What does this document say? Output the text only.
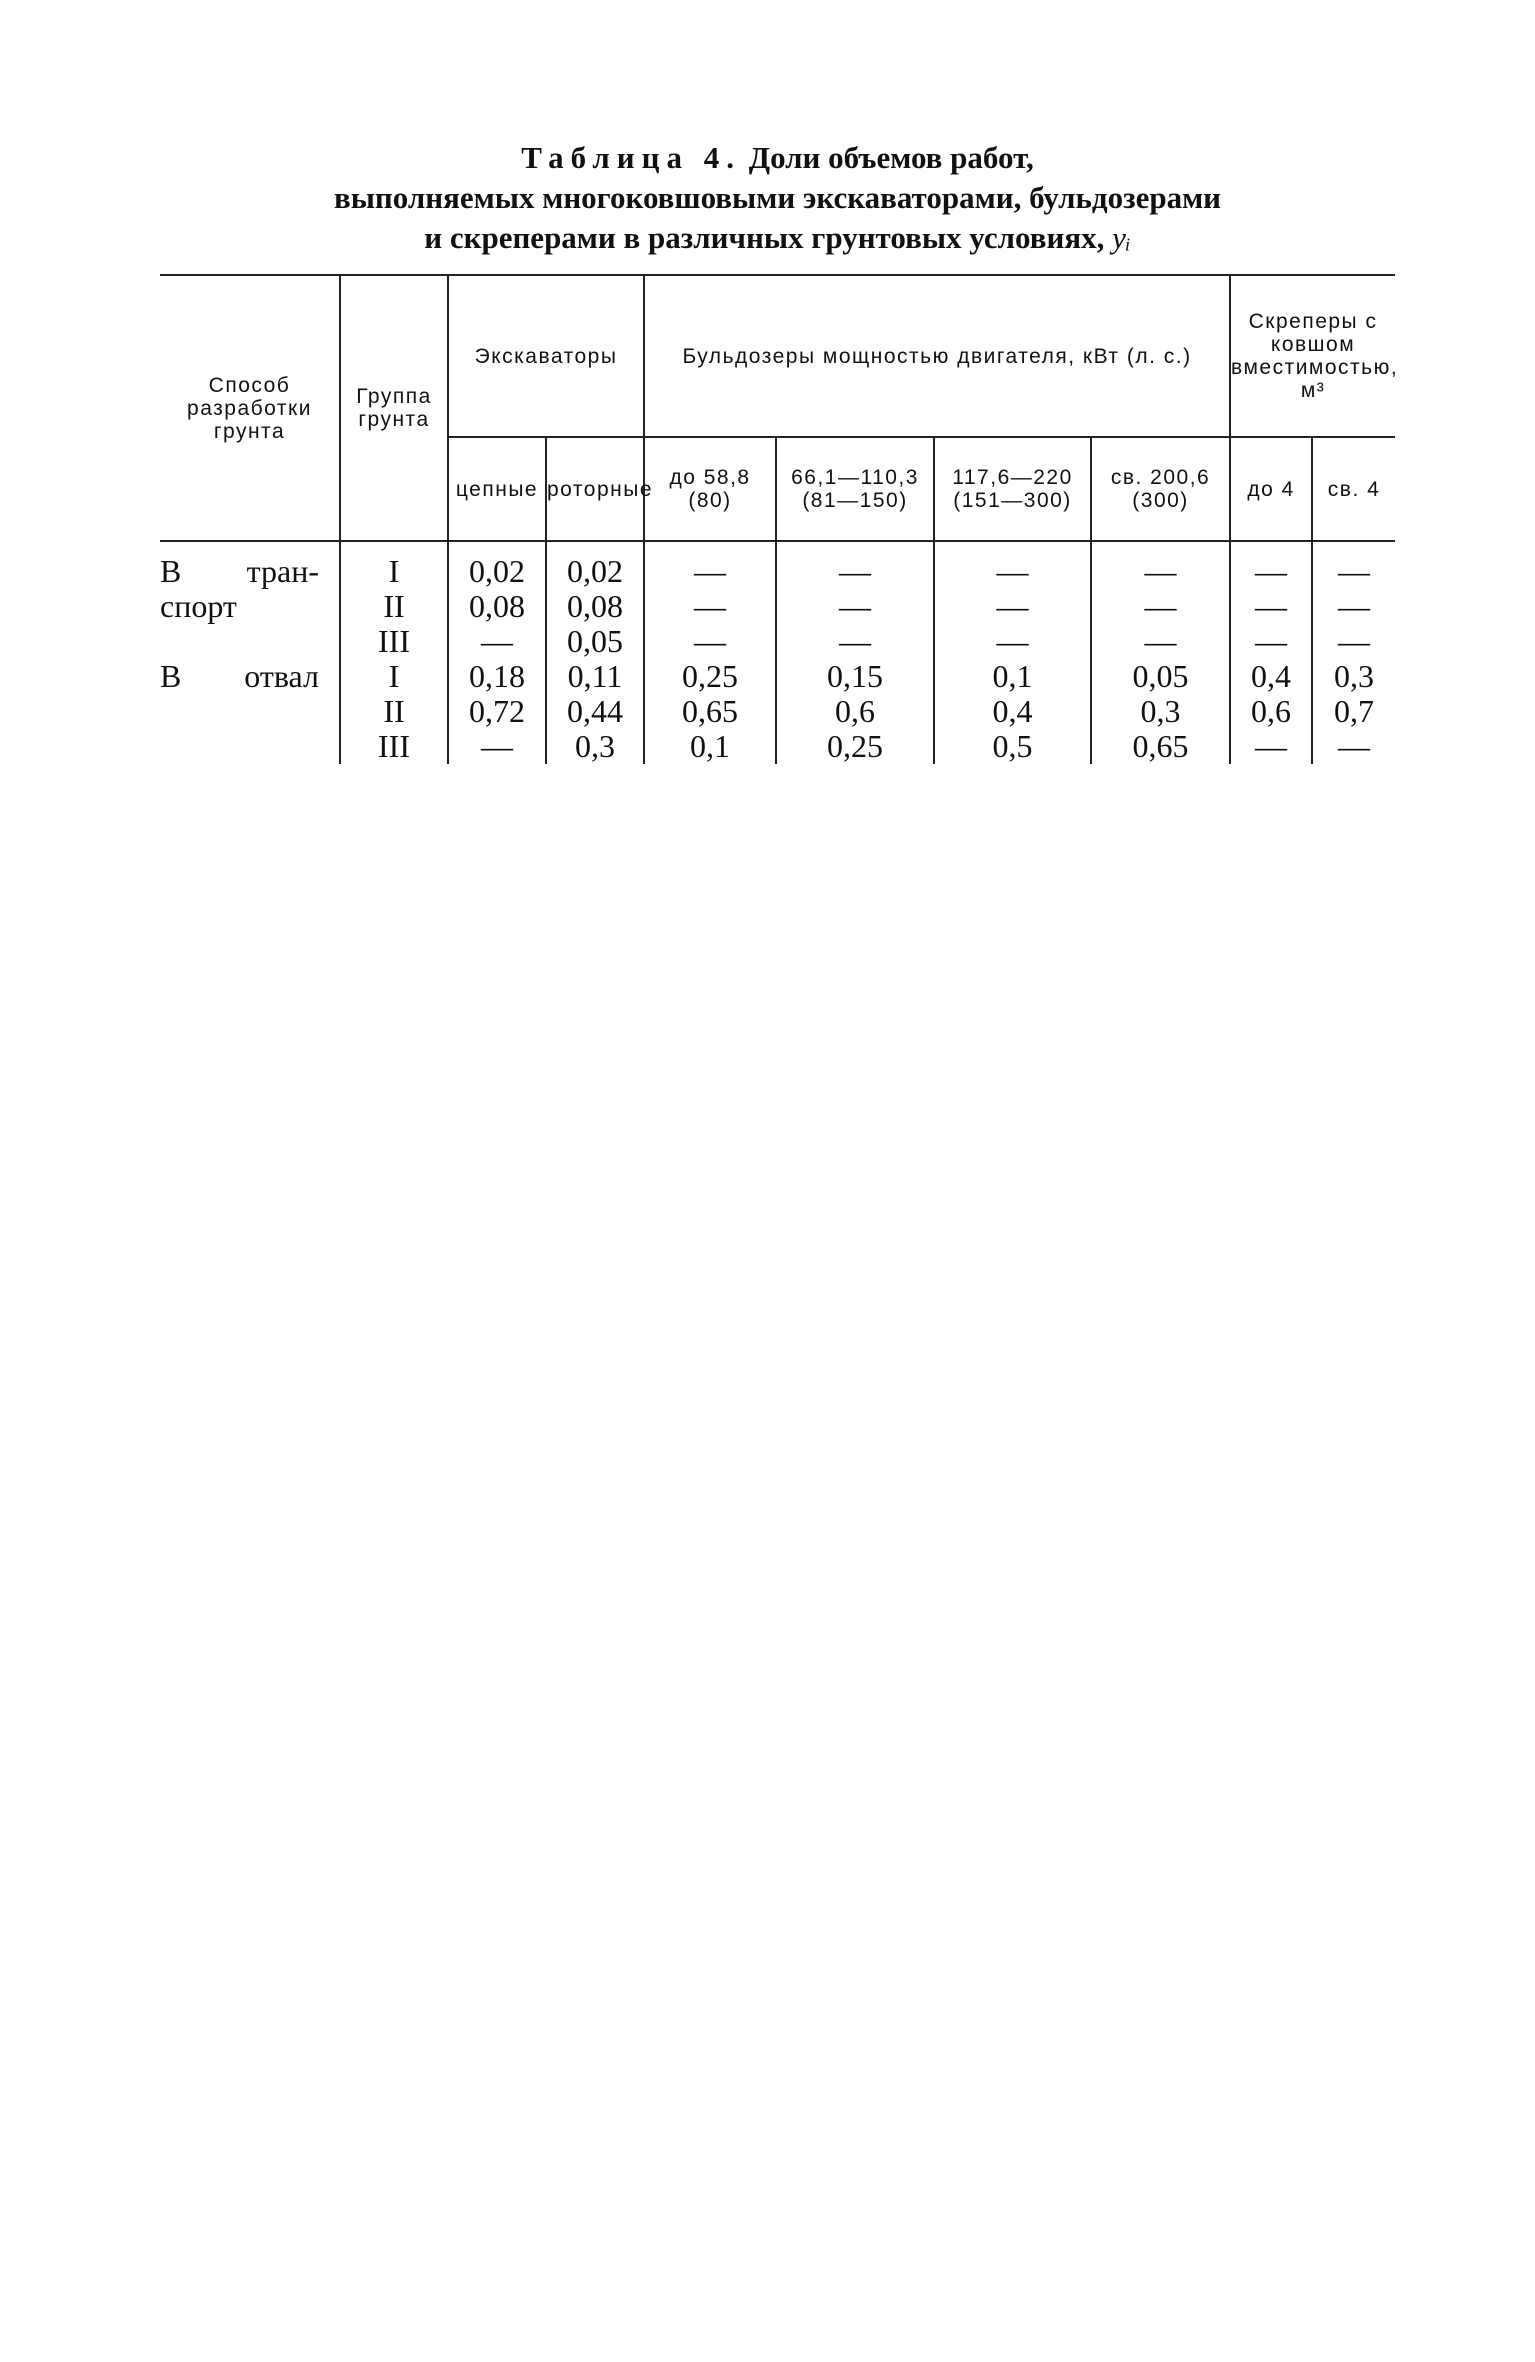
Таблица 4. Доли объемов работ,
выполняемых многоковшовыми экскаваторами, бульдозерами
и скреперами в различных грунтовых условиях, yᵢ
Способ разработки грунта	Группа грунта	Экскаваторы		Бульдозеры мощностью двигателя, кВт (л. с.)				Скреперы с ковшом вместимостью, м³	
		цепные	роторные	до 58,8 (80)	66,1—110,3 (81—150)	117,6—220 (151—300)	св. 200,6 (300)	до 4	св. 4

В тран-	I	0,02	0,02	—	—	—	—	—	—

спорт	II	0,08	0,08	—	—	—	—	—	—

	III	—	0,05	—	—	—	—	—	—

В отвал	I	0,18	0,11	0,25	0,15	0,1	0,05	0,4	0,3

	II	0,72	0,44	0,65	0,6	0,4	0,3	0,6	0,7

	III	—	0,3	0,1	0,25	0,5	0,65	—	—
